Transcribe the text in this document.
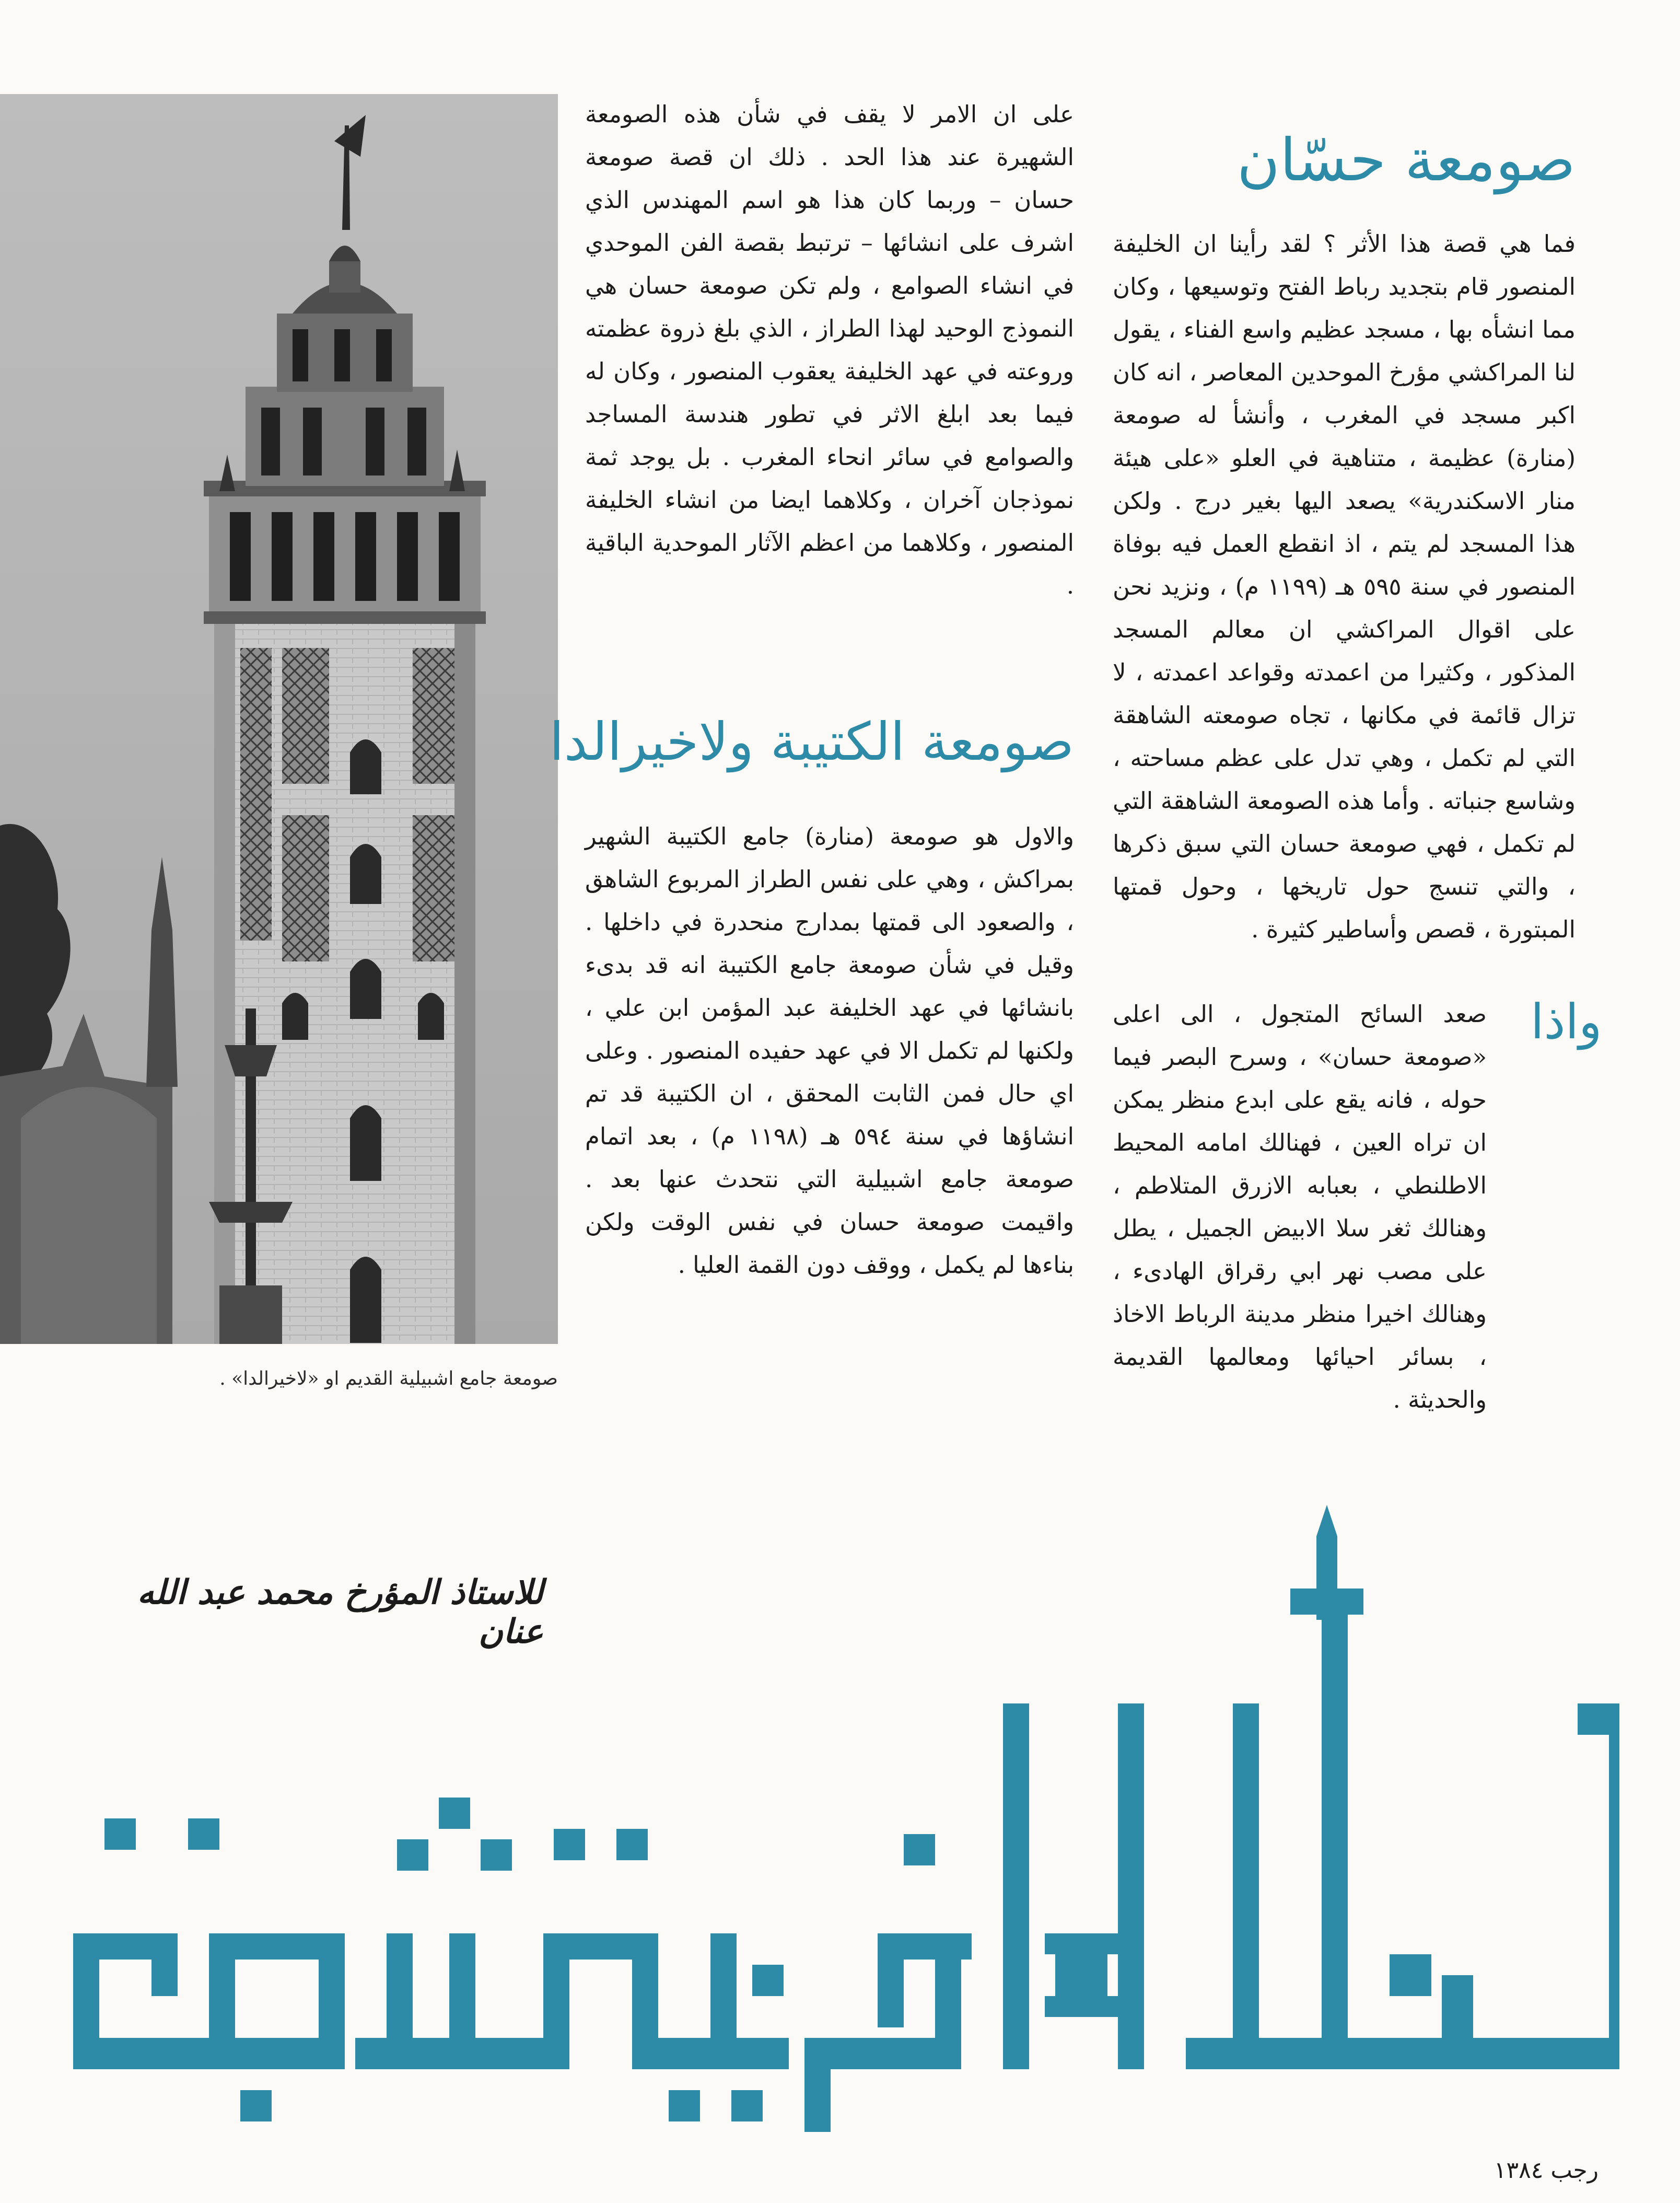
صومعة جامع اشبيلية القديم او «لاخيرالدا» .
صومعة حسّان
صومعة الكتيبة ولاخيرالدا
على ان الامر لا يقف في شأن هذه الصومعة الشهيرة عند هذا الحد . ذلك ان قصة صومعة حسان – وربما كان هذا هو اسم المهندس الذي اشرف على انشائها – ترتبط بقصة الفن الموحدي في انشاء الصوامع ، ولم تكن صومعة حسان هي النموذج الوحيد لهذا الطراز ، الذي بلغ ذروة عظمته وروعته في عهد الخليفة يعقوب المنصور ، وكان له فيما بعد ابلغ الاثر في تطور هندسة المساجد والصوامع في سائر انحاء المغرب . بل يوجد ثمة نموذجان آخران ، وكلاهما ايضا من انشاء الخليفة المنصور ، وكلاهما من اعظم الآثار الموحدية الباقية .
والاول هو صومعة (منارة) جامع الكتيبة الشهير بمراكش ، وهي على نفس الطراز المربوع الشاهق ، والصعود الى قمتها بمدارج منحدرة في داخلها . وقيل في شأن صومعة جامع الكتيبة انه قد بدىء بانشائها في عهد الخليفة عبد المؤمن ابن علي ، ولكنها لم تكمل الا في عهد حفيده المنصور . وعلى اي حال فمن الثابت المحقق ، ان الكتيبة قد تم انشاؤها في سنة ٥٩٤ هـ (١١٩٨ م) ، بعد اتمام صومعة جامع اشبيلية التي نتحدث عنها بعد . واقيمت صومعة حسان في نفس الوقت ولكن بناءها لم يكمل ، ووقف دون القمة العليا .
فما هي قصة هذا الأثر ؟ لقد رأينا ان الخليفة المنصور قام بتجديد رباط الفتح وتوسيعها ، وكان مما انشأه بها ، مسجد عظيم واسع الفناء ، يقول لنا المراكشي مؤرخ الموحدين المعاصر ، انه كان اكبر مسجد في المغرب ، وأنشأ له صومعة (منارة) عظيمة ، متناهية في العلو «على هيئة منار الاسكندرية» يصعد اليها بغير درج . ولكن هذا المسجد لم يتم ، اذ انقطع العمل فيه بوفاة المنصور في سنة ٥٩٥ هـ (١١٩٩ م) ، ونزيد نحن على اقوال المراكشي ان معالم المسجد المذكور ، وكثيرا من اعمدته وقواعد اعمدته ، لا تزال قائمة في مكانها ، تجاه صومعته الشاهقة التي لم تكمل ، وهي تدل على عظم مساحته ، وشاسع جنباته . وأما هذه الصومعة الشاهقة التي لم تكمل ، فهي صومعة حسان التي سبق ذكرها ، والتي تنسج حول تاريخها ، وحول قمتها المبتورة ، قصص وأساطير كثيرة .
واذا

صعد السائح المتجول ، الى اعلى «صومعة حسان» ، وسرح البصر فيما حوله ، فانه يقع على ابدع منظر يمكن ان تراه العين ، فهنالك امامه المحيط الاطلنطي ، بعبابه الازرق المتلاطم ، وهنالك ثغر سلا الابيض الجميل ، يطل على مصب نهر ابي رقراق الهادىء ، وهنالك اخيرا منظر مدينة الرباط الاخاذ ، بسائر احيائها ومعالمها القديمة والحديثة .

للاستاذ المؤرخ محمد عبد الله عنان
رجب ١٣٨٤
